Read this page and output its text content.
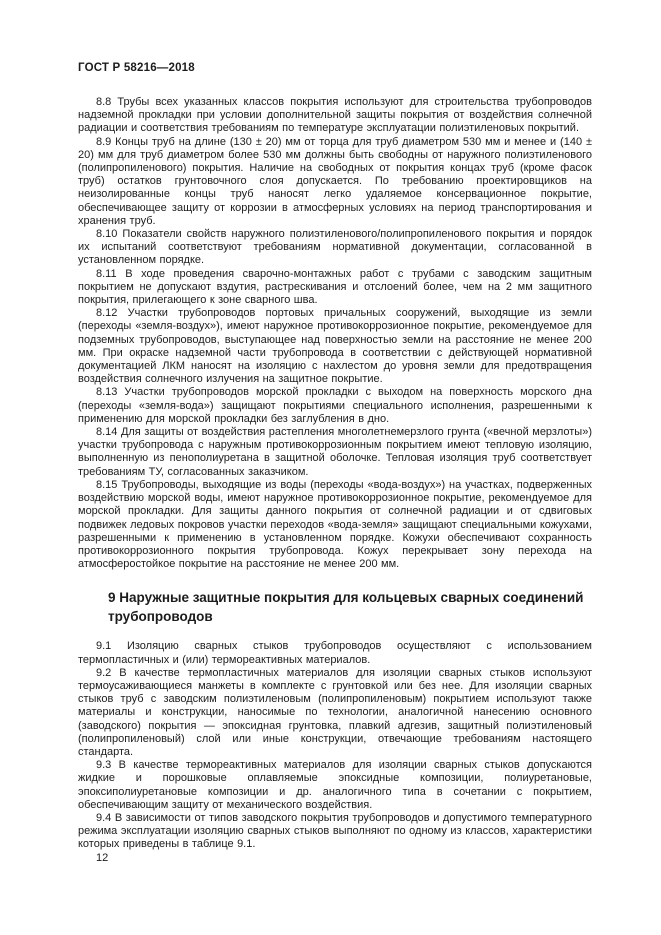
ГОСТ Р 58216—2018

8.8 Трубы всех указанных классов покрытия используют для строительства трубопроводов надземной прокладки при условии дополнительной защиты покрытия от воздействия солнечной радиации и соответствия требованиям по температуре эксплуатации полиэтиленовых покрытий.

8.9 Концы труб на длине (130 ± 20) мм от торца для труб диаметром 530 мм и менее и (140 ± 20) мм для труб диаметром более 530 мм должны быть свободны от наружного полиэтиленового (полипропиленового) покрытия. Наличие на свободных от покрытия концах труб (кроме фасок труб) остатков грунтовочного слоя допускается. По требованию проектировщиков на неизолированные концы труб наносят легко удаляемое консервационное покрытие, обеспечивающее защиту от коррозии в атмосферных условиях на период транспортирования и хранения труб.

8.10 Показатели свойств наружного полиэтиленового/полипропиленового покрытия и порядок их испытаний соответствуют требованиям нормативной документации, согласованной в установленном порядке.

8.11 В ходе проведения сварочно-монтажных работ с трубами с заводским защитным покрытием не допускают вздутия, растрескивания и отслоений более, чем на 2 мм защитного покрытия, прилегающего к зоне сварного шва.

8.12 Участки трубопроводов портовых причальных сооружений, выходящие из земли (переходы «земля-воздух»), имеют наружное противокоррозионное покрытие, рекомендуемое для подземных трубопроводов, выступающее над поверхностью земли на расстояние не менее 200 мм. При окраске надземной части трубопровода в соответствии с действующей нормативной документацией ЛКМ наносят на изоляцию с нахлестом до уровня земли для предотвращения воздействия солнечного излучения на защитное покрытие.

8.13 Участки трубопроводов морской прокладки с выходом на поверхность морского дна (переходы «земля-вода») защищают покрытиями специального исполнения, разрешенными к применению для морской прокладки без заглубления в дно.

8.14 Для защиты от воздействия растепления многолетнемерзлого грунта («вечной мерзлоты») участки трубопровода с наружным противокоррозионным покрытием имеют тепловую изоляцию, выполненную из пенополиуретана в защитной оболочке. Тепловая изоляция труб соответствует требованиям ТУ, согласованных заказчиком.

8.15 Трубопроводы, выходящие из воды (переходы «вода-воздух») на участках, подверженных воздействию морской воды, имеют наружное противокоррозионное покрытие, рекомендуемое для морской прокладки. Для защиты данного покрытия от солнечной радиации и от сдвиговых подвижек ледовых покровов участки переходов «вода-земля» защищают специальными кожухами, разрешенными к применению в установленном порядке. Кожухи обеспечивают сохранность противокоррозионного покрытия трубопровода. Кожух перекрывает зону перехода на атмосферостойкое покрытие на расстояние не менее 200 мм.

9 Наружные защитные покрытия для кольцевых сварных соединений трубопроводов

9.1 Изоляцию сварных стыков трубопроводов осуществляют с использованием термопластичных и (или) термореактивных материалов.

9.2 В качестве термопластичных материалов для изоляции сварных стыков используют термоусаживающиеся манжеты в комплекте с грунтовкой или без нее. Для изоляции сварных стыков труб с заводским полиэтиленовым (полипропиленовым) покрытием используют также материалы и конструкции, наносимые по технологии, аналогичной нанесению основного (заводского) покрытия — эпоксидная грунтовка, плавкий адгезив, защитный полиэтиленовый (полипропиленовый) слой или иные конструкции, отвечающие требованиям настоящего стандарта.

9.3 В качестве термореактивных материалов для изоляции сварных стыков допускаются жидкие и порошковые оплавляемые эпоксидные композиции, полиуретановые, эпоксиполиуретановые композиции и др. аналогичного типа в сочетании с покрытием, обеспечивающим защиту от механического воздействия.

9.4 В зависимости от типов заводского покрытия трубопроводов и допустимого температурного режима эксплуатации изоляцию сварных стыков выполняют по одному из классов, характеристики которых приведены в таблице 9.1.

12
